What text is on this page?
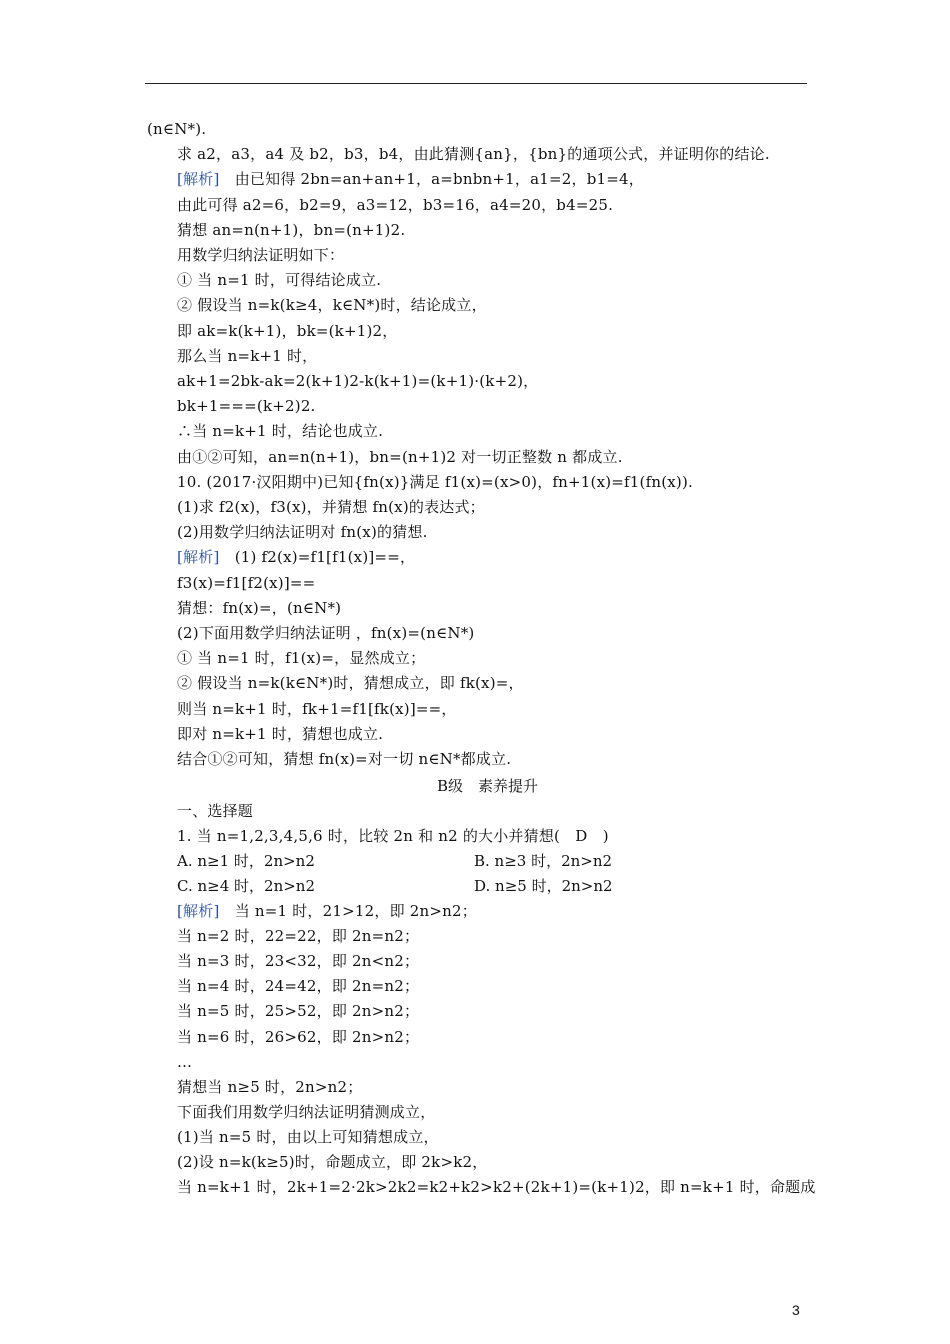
(n∈N*).
求 a2，a3，a4 及 b2，b3，b4，由此猜测{an}，{bn}的通项公式，并证明你的结论.
[解析]　 由已知得 2bn=an+an+1，a=bnbn+1，a1=2，b1=4，
由此可得 a2=6，b2=9，a3=12，b3=16，a4=20，b4=25.
猜想 an=n(n+1)，bn=(n+1)2.
用数学归纳法证明如下：
① 当 n=1 时，可得结论成立.
② 假设当 n=k(k≥4，k∈N*)时，结论成立，
即 ak=k(k+1)，bk=(k+1)2，
那么当 n=k+1 时，
ak+1=2bk-ak=2(k+1)2-k(k+1)=(k+1)·(k+2)，
bk+1===(k+2)2.
∴当 n=k+1 时，结论也成立.
由①②可知，an=n(n+1)，bn=(n+1)2 对一切正整数 n 都成立.
10. (2017·汉阳期中)已知{fn(x)}满足 f1(x)=(x>0)，fn+1(x)=f1(fn(x)).
(1)求 f2(x)，f3(x)，并猜想 fn(x)的表达式；
(2)用数学归纳法证明对 fn(x)的猜想.
[解析]　 (1) f2(x)=f1[f1(x)]==，
f3(x)=f1[f2(x)]==
猜想：fn(x)=，(n∈N*)
(2)下面用数学归纳法证明 ，fn(x)=(n∈N*)
① 当 n=1 时，f1(x)=，显然成立；
② 假设当 n=k(k∈N*)时，猜想成立，即 fk(x)=，
则当 n=k+1 时，fk+1=f1[fk(x)]==，
即对 n=k+1 时，猜想也成立.
结合①②可知，猜想 fn(x)=对一切 n∈N*都成立.
B级　素养提升
一、选择题
1. 当 n=1,2,3,4,5,6 时，比较 2n 和 n2 的大小并猜想(　D　)
A. n≥1 时，2n>n2	B. n≥3 时，2n>n2
C. n≥4 时，2n>n2	D. n≥5 时，2n>n2
[解析]　 当 n=1 时，21>12，即 2n>n2；
当 n=2 时，22=22，即 2n=n2；
当 n=3 时，23<32，即 2n<n2；
当 n=4 时，24=42，即 2n=n2；
当 n=5 时，25>52，即 2n>n2；
当 n=6 时，26>62，即 2n>n2；
…
猜想当 n≥5 时，2n>n2；
下面我们用数学归纳法证明猜测成立，
(1)当 n=5 时，由以上可知猜想成立，
(2)设 n=k(k≥5)时，命题成立，即 2k>k2，
当 n=k+1 时，2k+1=2·2k>2k2=k2+k2>k2+(2k+1)=(k+1)2，即 n=k+1 时，命题成
3
